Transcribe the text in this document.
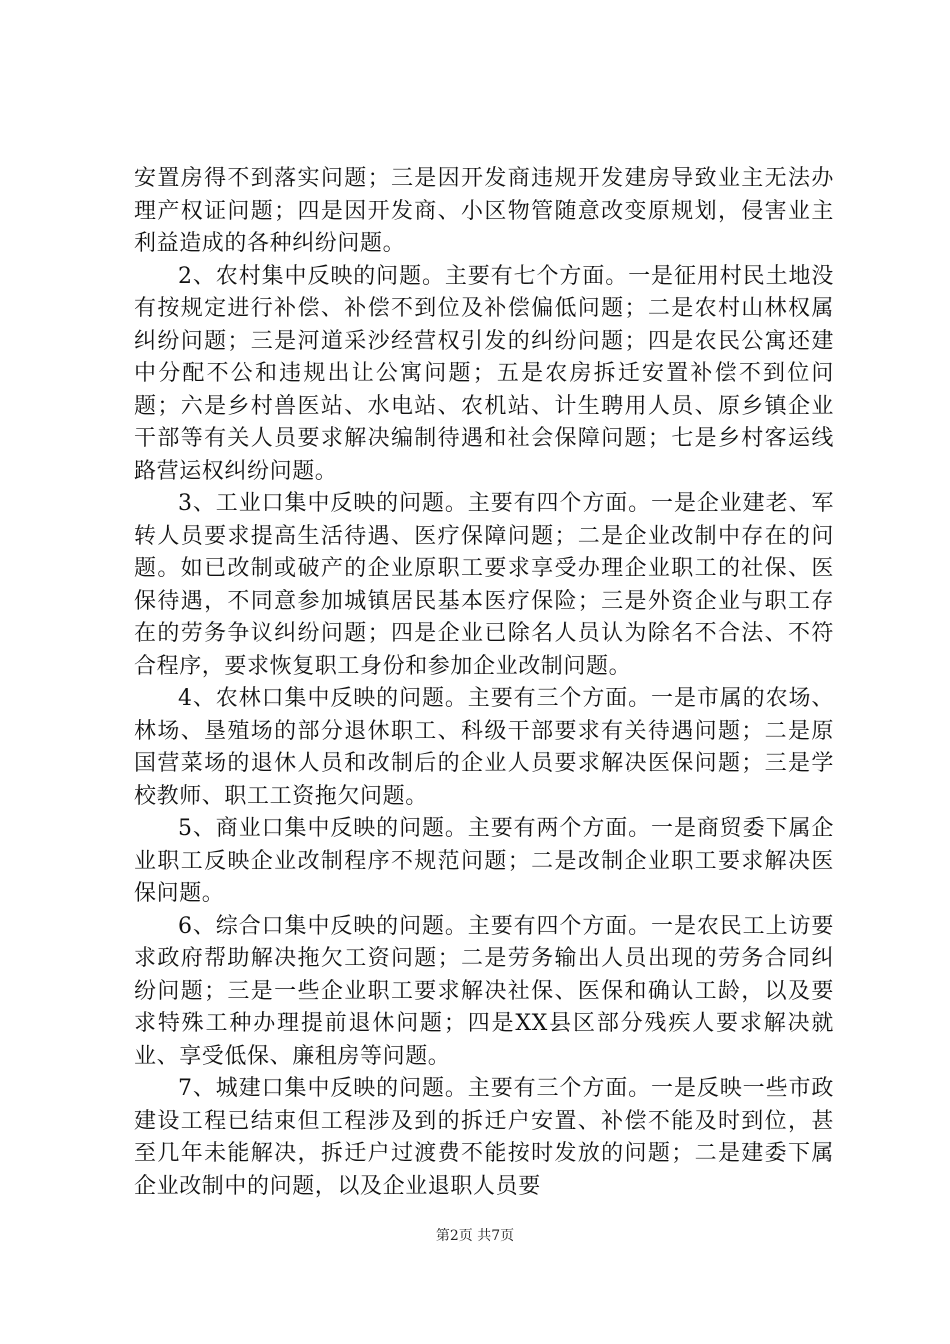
安置房得不到落实问题；三是因开发商违规开发建房导致业主无法办理产权证问题；四是因开发商、小区物管随意改变原规划，侵害业主利益造成的各种纠纷问题。

2、农村集中反映的问题。主要有七个方面。一是征用村民土地没有按规定进行补偿、补偿不到位及补偿偏低问题；二是农村山林权属纠纷问题；三是河道采沙经营权引发的纠纷问题；四是农民公寓还建中分配不公和违规出让公寓问题；五是农房拆迁安置补偿不到位问题；六是乡村兽医站、水电站、农机站、计生聘用人员、原乡镇企业干部等有关人员要求解决编制待遇和社会保障问题；七是乡村客运线路营运权纠纷问题。

3、工业口集中反映的问题。主要有四个方面。一是企业建老、军转人员要求提高生活待遇、医疗保障问题；二是企业改制中存在的问题。如已改制或破产的企业原职工要求享受办理企业职工的社保、医保待遇，不同意参加城镇居民基本医疗保险；三是外资企业与职工存在的劳务争议纠纷问题；四是企业已除名人员认为除名不合法、不符合程序，要求恢复职工身份和参加企业改制问题。

4、农林口集中反映的问题。主要有三个方面。一是市属的农场、林场、垦殖场的部分退休职工、科级干部要求有关待遇问题；二是原国营菜场的退休人员和改制后的企业人员要求解决医保问题；三是学校教师、职工工资拖欠问题。

5、商业口集中反映的问题。主要有两个方面。一是商贸委下属企业职工反映企业改制程序不规范问题；二是改制企业职工要求解决医保问题。

6、综合口集中反映的问题。主要有四个方面。一是农民工上访要求政府帮助解决拖欠工资问题；二是劳务输出人员出现的劳务合同纠纷问题；三是一些企业职工要求解决社保、医保和确认工龄，以及要求特殊工种办理提前退休问题；四是XX县区部分残疾人要求解决就业、享受低保、廉租房等问题。

7、城建口集中反映的问题。主要有三个方面。一是反映一些市政建设工程已结束但工程涉及到的拆迁户安置、补偿不能及时到位，甚至几年未能解决，拆迁户过渡费不能按时发放的问题；二是建委下属企业改制中的问题，以及企业退职人员要

第2页 共7页
